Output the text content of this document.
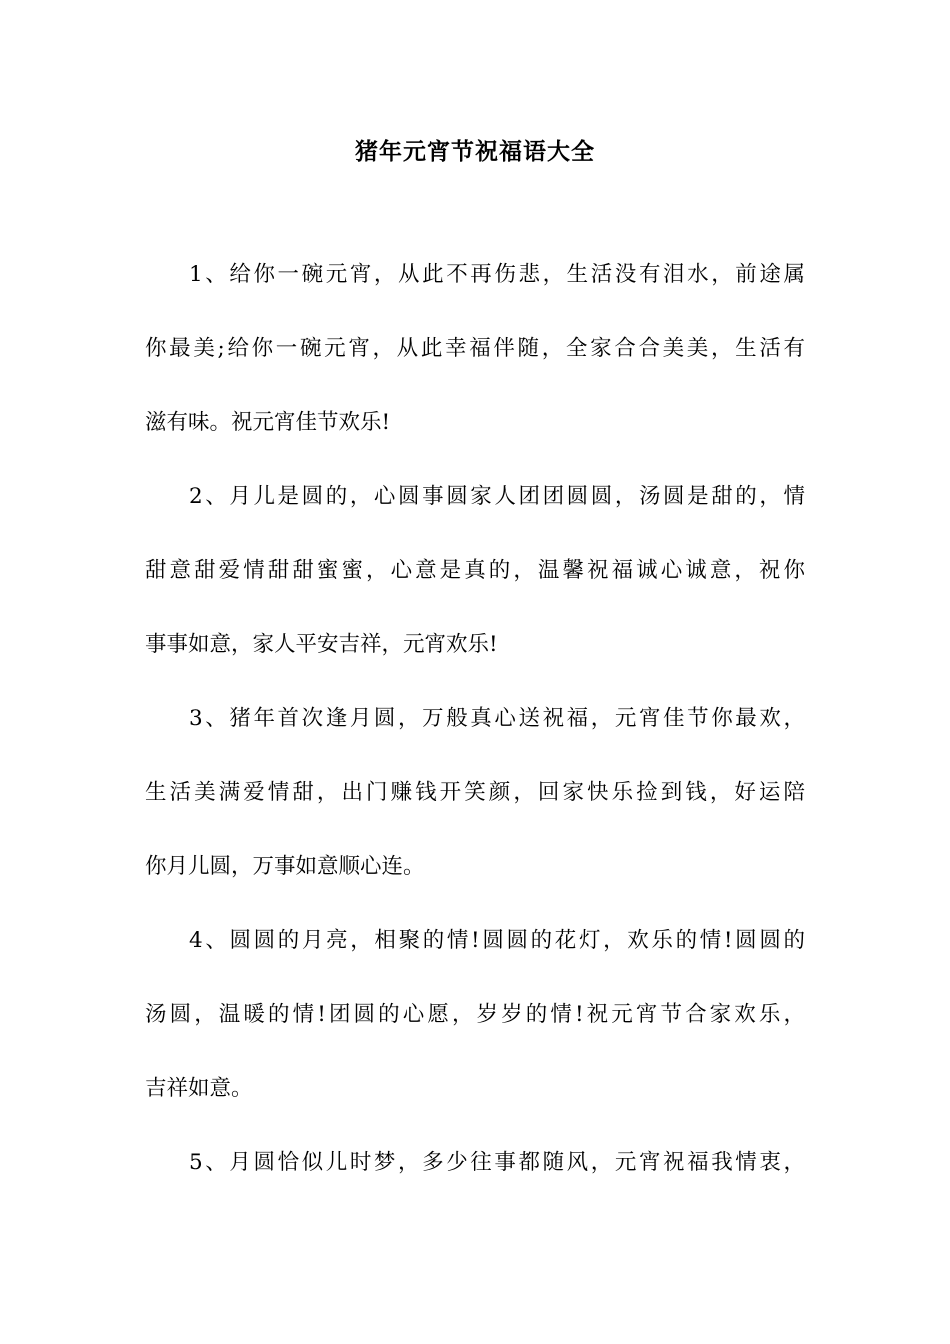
猪年元宵节祝福语大全
1、给你一碗元宵，从此不再伤悲，生活没有泪水，前途属
你最美;给你一碗元宵，从此幸福伴随，全家合合美美，生活有
滋有味。祝元宵佳节欢乐!
2、月儿是圆的，心圆事圆家人团团圆圆，汤圆是甜的，情
甜意甜爱情甜甜蜜蜜，心意是真的，温馨祝福诚心诚意，祝你
事事如意，家人平安吉祥，元宵欢乐!
3、猪年首次逢月圆，万般真心送祝福，元宵佳节你最欢，
生活美满爱情甜，出门赚钱开笑颜，回家快乐捡到钱，好运陪
你月儿圆，万事如意顺心连。
4、圆圆的月亮，相聚的情!圆圆的花灯，欢乐的情!圆圆的
汤圆，温暖的情!团圆的心愿，岁岁的情!祝元宵节合家欢乐，
吉祥如意。
5、月圆恰似儿时梦，多少往事都随风，元宵祝福我情衷，
